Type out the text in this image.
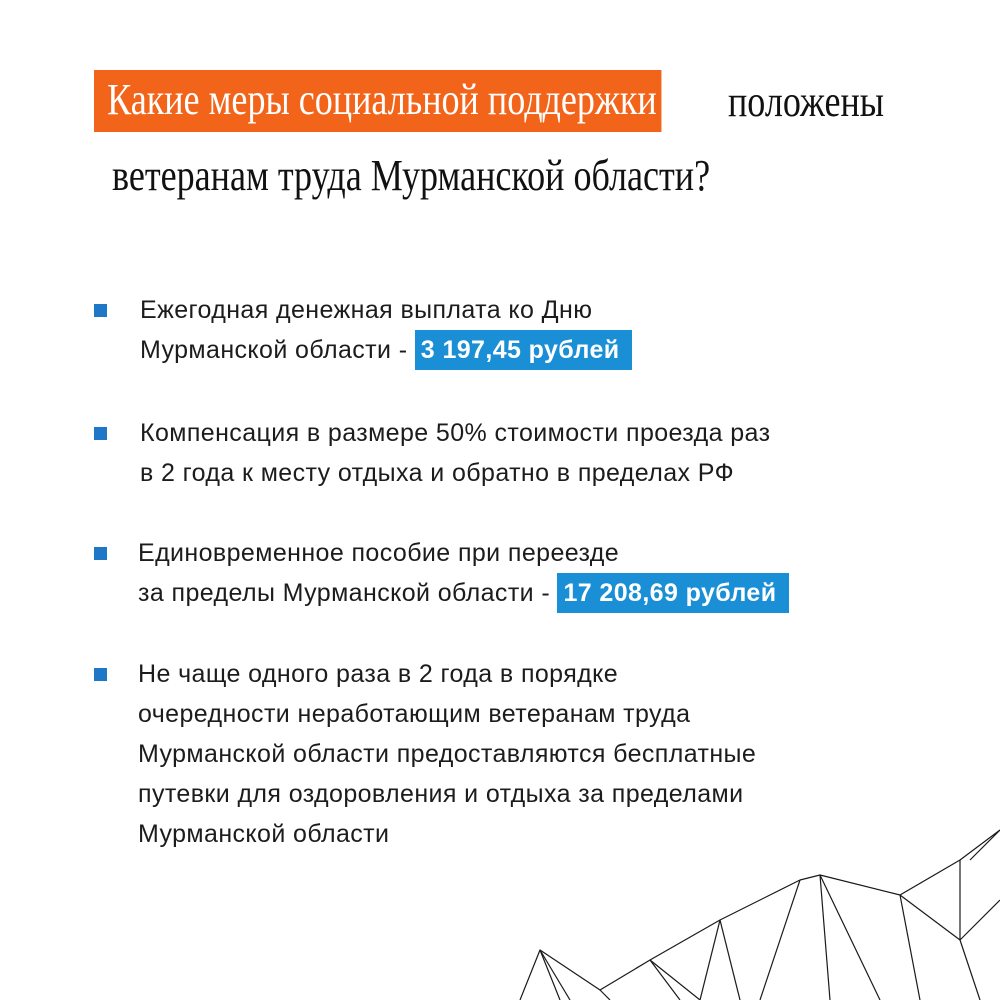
Какие меры социальной поддержки	положены
ветеранам труда Мурманской области?
Ежегодная денежная выплата ко Дню
Мурманской области - 3 197,45 рублей
Компенсация в размере 50% стоимости проезда раз
в 2 года к месту отдыха и обратно в пределах РФ
Единовременное пособие при переезде
за пределы Мурманской области - 17 208,69 рублей
Не чаще одного раза в 2 года в порядке
очередности неработающим ветеранам труда
Мурманской области предоставляются бесплатные
путевки для оздоровления и отдыха за пределами
Мурманской области
